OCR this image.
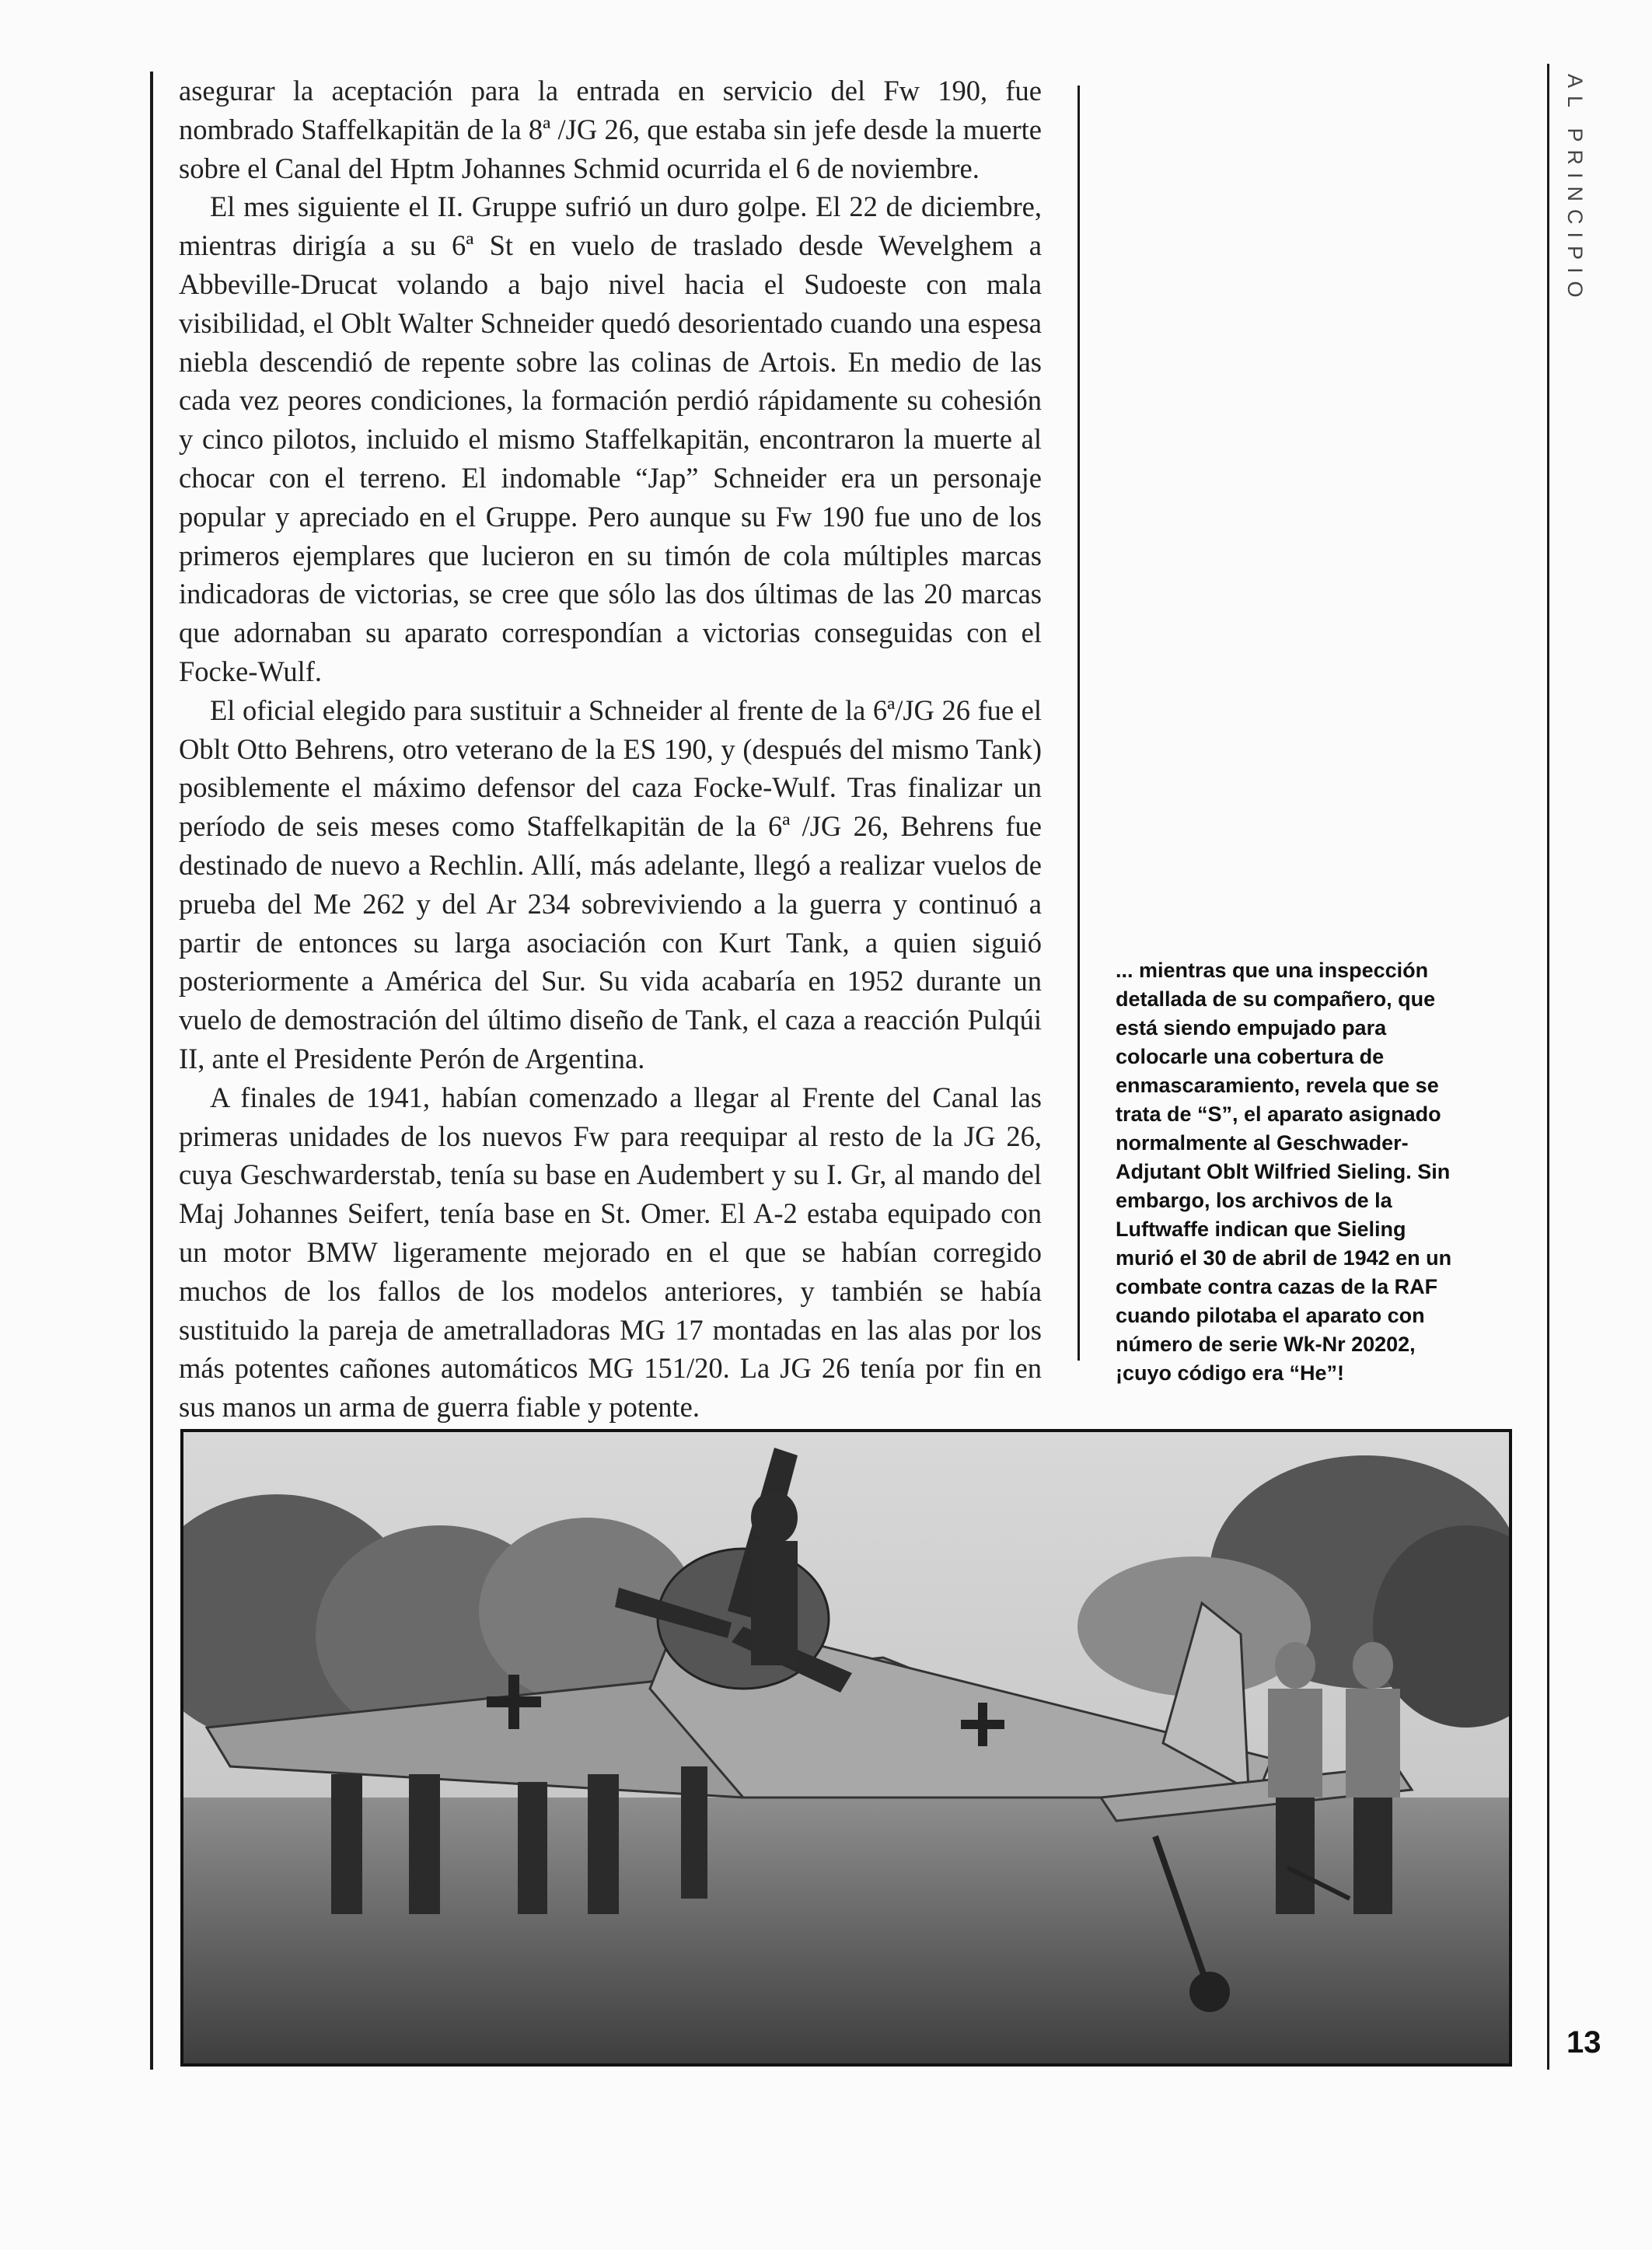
AL PRINCIPIO

asegurar la aceptación para la entrada en servicio del Fw 190, fue nombrado Staffelkapitän de la 8ª /JG 26, que estaba sin jefe desde la muerte sobre el Canal del Hptm Johannes Schmid ocurrida el 6 de noviembre.

El mes siguiente el II. Gruppe sufrió un duro golpe. El 22 de diciembre, mientras dirigía a su 6ª St en vuelo de traslado desde Wevelghem a Abbeville-Drucat volando a bajo nivel hacia el Sudoeste con mala visibilidad, el Oblt Walter Schneider quedó desorientado cuando una espesa niebla descendió de repente sobre las colinas de Artois. En medio de las cada vez peores condiciones, la formación perdió rápidamente su cohesión y cinco pilotos, incluido el mismo Staffelkapitän, encontraron la muerte al chocar con el terreno. El indomable “Jap” Schneider era un personaje popular y apreciado en el Gruppe. Pero aunque su Fw 190 fue uno de los primeros ejemplares que lucieron en su timón de cola múltiples marcas indicadoras de victorias, se cree que sólo las dos últimas de las 20 marcas que adornaban su aparato correspondían a victorias conseguidas con el Focke-Wulf.

El oficial elegido para sustituir a Schneider al frente de la 6ª/JG 26 fue el Oblt Otto Behrens, otro veterano de la ES 190, y (después del mismo Tank) posiblemente el máximo defensor del caza Focke-Wulf. Tras finalizar un período de seis meses como Staffelkapitän de la 6ª /JG 26, Behrens fue destinado de nuevo a Rechlin. Allí, más adelante, llegó a realizar vuelos de prueba del Me 262 y del Ar 234 sobreviviendo a la guerra y continuó a partir de entonces su larga asociación con Kurt Tank, a quien siguió posteriormente a América del Sur. Su vida acabaría en 1952 durante un vuelo de demostración del último diseño de Tank, el caza a reacción Pulqúi II, ante el Presidente Perón de Argentina.

A finales de 1941, habían comenzado a llegar al Frente del Canal las primeras unidades de los nuevos Fw para reequipar al resto de la JG 26, cuya Geschwarderstab, tenía su base en Audembert y su I. Gr, al mando del Maj Johannes Seifert, tenía base en St. Omer. El A-2 estaba equipado con un motor BMW ligeramente mejorado en el que se habían corregido muchos de los fallos de los modelos anteriores, y también se había sustituido la pareja de ametralladoras MG 17 montadas en las alas por los más potentes cañones automáticos MG 151/20. La JG 26 tenía por fin en sus manos un arma de guerra fiable y potente.

... mientras que una inspección detallada de su compañero, que está siendo empujado para colocarle una cobertura de enmascaramiento, revela que se trata de “S”, el aparato asignado normalmente al Geschwader-Adjutant Oblt Wilfried Sieling. Sin embargo, los archivos de la Luftwaffe indican que Sieling murió el 30 de abril de 1942 en un combate contra cazas de la RAF cuando pilotaba el aparato con número de serie Wk-Nr 20202, ¡cuyo código era “He”!
13
